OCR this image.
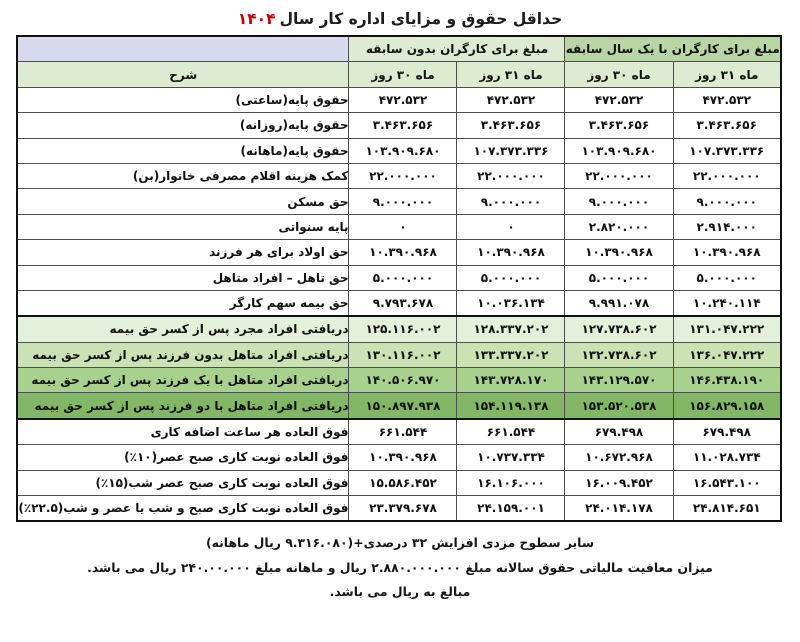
حداقل حقوق و مزایای اداره کار سال۱۴۰۴
مبلغ برای کارگران با یک سال سابقه		مبلغ برای کارگران بدون سابقه		
ماه ۳۱ روز	ماه ۳۰ روز	ماه ۳۱ روز	ماه ۳۰ روز	شرح
۴۷۲.۵۳۲	۴۷۲.۵۳۲	۴۷۲.۵۳۲	۴۷۲.۵۳۲	حقوق پایه(ساعتی)
۳.۴۶۳.۶۵۶	۳.۴۶۳.۶۵۶	۳.۴۶۳.۶۵۶	۳.۴۶۳.۶۵۶	حقوق پایه(روزانه)
۱۰۷.۳۷۳.۳۳۶	۱۰۳.۹۰۹.۶۸۰	۱۰۷.۳۷۳.۳۳۶	۱۰۳.۹۰۹.۶۸۰	حقوق پایه(ماهانه)
۲۲.۰۰۰.۰۰۰	۲۲.۰۰۰.۰۰۰	۲۲.۰۰۰.۰۰۰	۲۲.۰۰۰.۰۰۰	کمک هزینه اقلام مصرفی خانوار(بن)
۹.۰۰۰.۰۰۰	۹.۰۰۰.۰۰۰	۹.۰۰۰.۰۰۰	۹.۰۰۰.۰۰۰	حق مسکن
۲.۹۱۴.۰۰۰	۲.۸۲۰.۰۰۰	۰	۰	پایه سنواتی
۱۰.۳۹۰.۹۶۸	۱۰.۳۹۰.۹۶۸	۱۰.۳۹۰.۹۶۸	۱۰.۳۹۰.۹۶۸	حق اولاد برای هر فرزند
۵.۰۰۰.۰۰۰	۵.۰۰۰.۰۰۰	۵.۰۰۰.۰۰۰	۵.۰۰۰.۰۰۰	حق تاهل – افراد متاهل
۱۰.۲۴۰.۱۱۴	۹.۹۹۱.۰۷۸	۱۰.۰۳۶.۱۳۴	۹.۷۹۳.۶۷۸	حق بیمه سهم کارگر
۱۳۱.۰۴۷.۲۲۲	۱۲۷.۷۳۸.۶۰۲	۱۲۸.۳۳۷.۲۰۲	۱۲۵.۱۱۶.۰۰۲	دریافتی افراد مجرد پس از کسر حق بیمه
۱۳۶.۰۴۷.۲۲۲	۱۳۲.۷۳۸.۶۰۲	۱۳۳.۳۳۷.۲۰۲	۱۳۰.۱۱۶.۰۰۲	دریافتی افراد متاهل بدون فرزند پس از کسر حق بیمه
۱۴۶.۴۳۸.۱۹۰	۱۴۳.۱۲۹.۵۷۰	۱۴۳.۷۲۸.۱۷۰	۱۴۰.۵۰۶.۹۷۰	دریافتی افراد متاهل با یک فرزند پس از کسر حق بیمه
۱۵۶.۸۲۹.۱۵۸	۱۵۳.۵۲۰.۵۳۸	۱۵۴.۱۱۹.۱۳۸	۱۵۰.۸۹۷.۹۳۸	دریافتی افراد متاهل با دو فرزند پس از کسر حق بیمه
۶۷۹.۴۹۸	۶۷۹.۴۹۸	۶۶۱.۵۴۴	۶۶۱.۵۴۴	فوق العاده هر ساعت اضافه کاری
۱۱.۰۲۸.۷۳۴	۱۰.۶۷۲.۹۶۸	۱۰.۷۳۷.۳۳۴	۱۰.۳۹۰.۹۶۸	فوق العاده نوبت کاری صبح عصر(۱۰٪)
۱۶.۵۴۳.۱۰۰	۱۶.۰۰۹.۴۵۲	۱۶.۱۰۶.۰۰۰	۱۵.۵۸۶.۴۵۲	فوق العاده نوبت کاری صبح عصر شب(۱۵٪)
۲۴.۸۱۴.۶۵۱	۲۴.۰۱۴.۱۷۸	۲۴.۱۵۹.۰۰۱	۲۳.۳۷۹.۶۷۸	فوق العاده نوبت کاری صبح و شب یا عصر و شب(۲۲.۵٪)
سایر سطوح مزدی افزایش ۳۲ درصدی+(۹.۳۱۶.۰۸۰ ریال ماهانه)
میزان معافیت مالیاتی حقوق سالانه مبلغ ۲.۸۸۰.۰۰۰.۰۰۰ ریال و ماهانه مبلغ ۲۴۰.۰۰.۰۰۰ ریال می باشد.
مبالغ به ریال می باشد.
